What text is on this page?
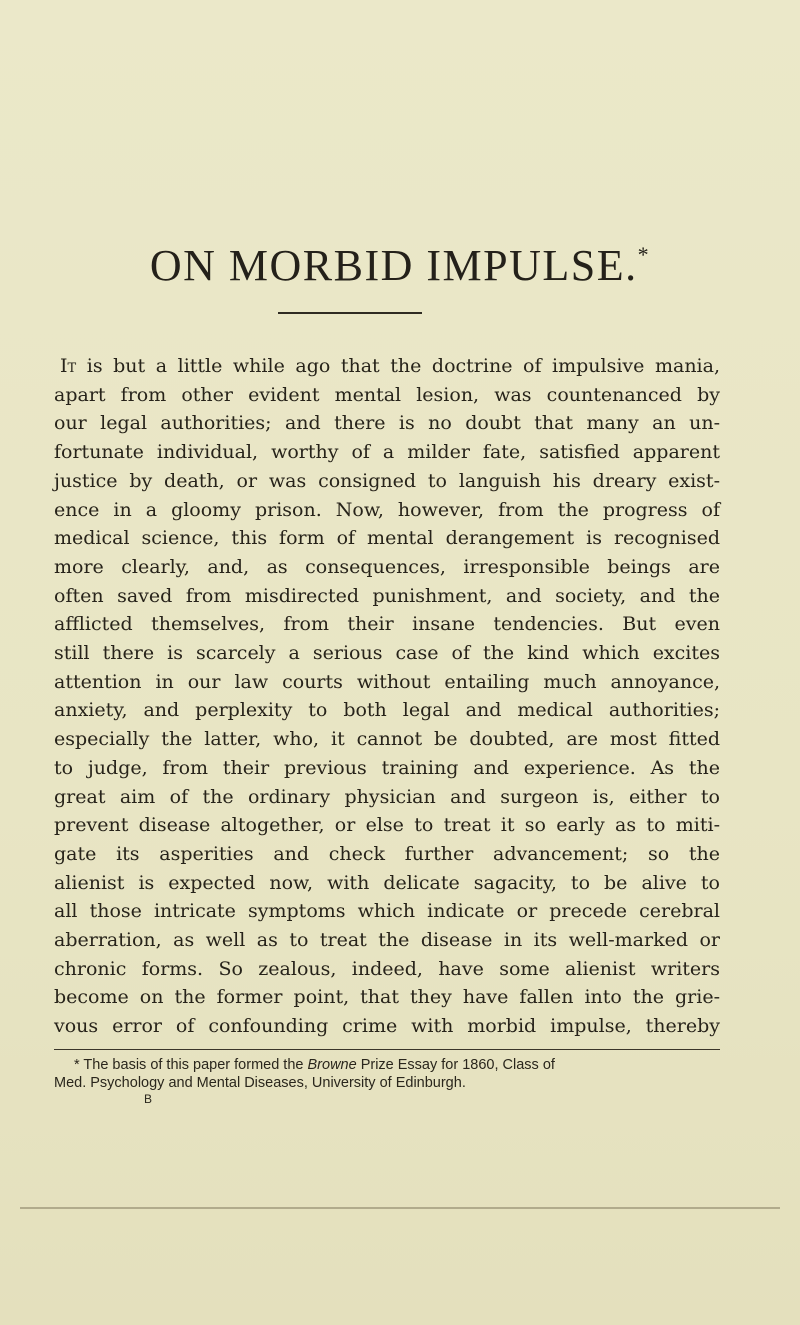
ON MORBID IMPULSE.*
It is but a little while ago that the doctrine of impulsive mania,
apart from other evident mental lesion, was countenanced by
our legal authorities; and there is no doubt that many an un-
fortunate individual, worthy of a milder fate, satisfied apparent
justice by death, or was consigned to languish his dreary exist-
ence in a gloomy prison. Now, however, from the progress of
medical science, this form of mental derangement is recognised
more clearly, and, as consequences, irresponsible beings are
often saved from misdirected punishment, and society, and the
afflicted themselves, from their insane tendencies. But even
still there is scarcely a serious case of the kind which excites
attention in our law courts without entailing much annoyance,
anxiety, and perplexity to both legal and medical authorities;
especially the latter, who, it cannot be doubted, are most fitted
to judge, from their previous training and experience. As the
great aim of the ordinary physician and surgeon is, either to
prevent disease altogether, or else to treat it so early as to miti-
gate its asperities and check further advancement; so the
alienist is expected now, with delicate sagacity, to be alive to
all those intricate symptoms which indicate or precede cerebral
aberration, as well as to treat the disease in its well-marked or
chronic forms. So zealous, indeed, have some alienist writers
become on the former point, that they have fallen into the grie-
vous error of confounding crime with morbid impulse, thereby
* The basis of this paper formed the Browne Prize Essay for 1860, Class of
Med. Psychology and Mental Diseases, University of Edinburgh.
B
